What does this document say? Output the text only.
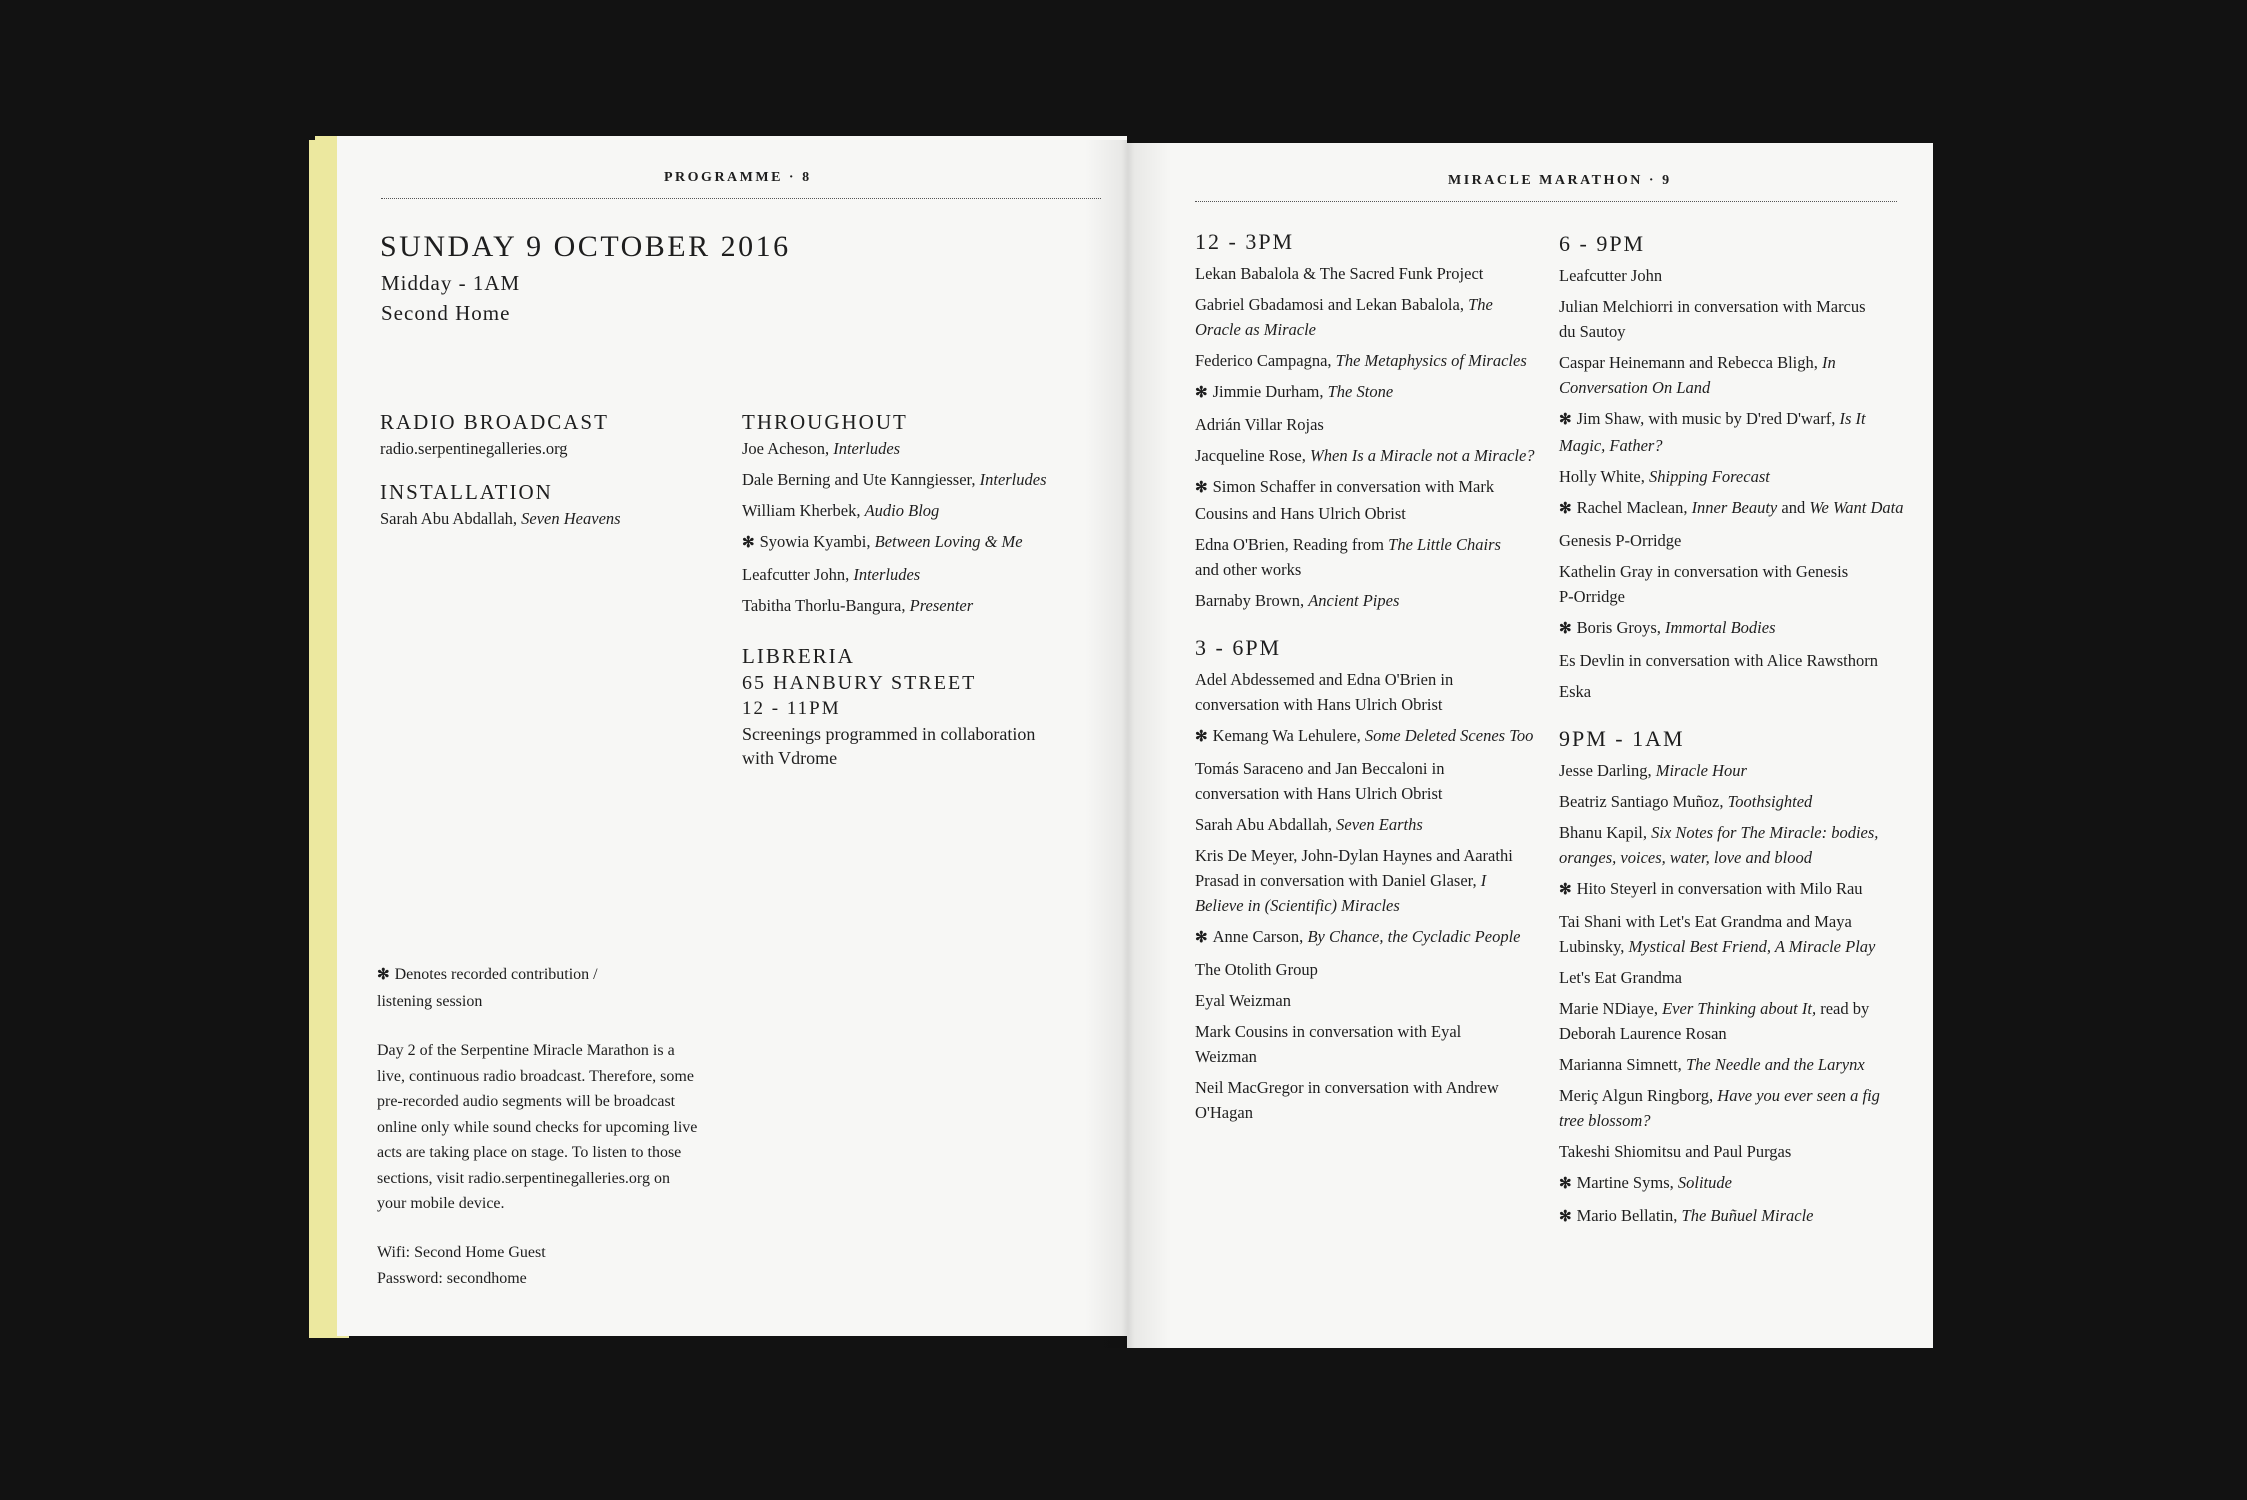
PROGRAMME · 8
SUNDAY 9 OCTOBER 2016
Midday - 1AM
Second Home
RADIO BROADCAST
radio.serpentinegalleries.org
INSTALLATION
Sarah Abu Abdallah, Seven Heavens
THROUGHOUT
Joe Acheson, Interludes
Dale Berning and Ute Kanngiesser, Interludes
William Kherbek, Audio Blog
✻ Syowia Kyambi, Between Loving & Me
Leafcutter John, Interludes
Tabitha Thorlu-Bangura, Presenter
LIBRERIA
65 HANBURY STREET
12 - 11PM
Screenings programmed in collaboration
with Vdrome
✻ Denotes recorded contribution /
listening session
Day 2 of the Serpentine Miracle Marathon is a
live, continuous radio broadcast. Therefore, some
pre-recorded audio segments will be broadcast
online only while sound checks for upcoming live
acts are taking place on stage. To listen to those
sections, visit radio.serpentinegalleries.org on
your mobile device.
Wifi: Second Home Guest
Password: secondhome
MIRACLE MARATHON · 9
12 - 3PM
Lekan Babalola & The Sacred Funk Project
Gabriel Gbadamosi and Lekan Babalola, The
Oracle as Miracle
Federico Campagna, The Metaphysics of Miracles
✻ Jimmie Durham, The Stone
Adrián Villar Rojas
Jacqueline Rose, When Is a Miracle not a Miracle?
✻ Simon Schaffer in conversation with Mark
Cousins and Hans Ulrich Obrist
Edna O'Brien, Reading from The Little Chairs
and other works
Barnaby Brown, Ancient Pipes
3 - 6PM
Adel Abdessemed and Edna O'Brien in
conversation with Hans Ulrich Obrist
✻ Kemang Wa Lehulere, Some Deleted Scenes Too
Tomás Saraceno and Jan Beccaloni in
conversation with Hans Ulrich Obrist
Sarah Abu Abdallah, Seven Earths
Kris De Meyer, John-Dylan Haynes and Aarathi
Prasad in conversation with Daniel Glaser, I
Believe in (Scientific) Miracles
✻ Anne Carson, By Chance, the Cycladic People
The Otolith Group
Eyal Weizman
Mark Cousins in conversation with Eyal
Weizman
Neil MacGregor in conversation with Andrew
O'Hagan
6 - 9PM
Leafcutter John
Julian Melchiorri in conversation with Marcus
du Sautoy
Caspar Heinemann and Rebecca Bligh, In
Conversation On Land
✻ Jim Shaw, with music by D'red D'warf, Is It
Magic, Father?
Holly White, Shipping Forecast
✻ Rachel Maclean, Inner Beauty and We Want Data
Genesis P-Orridge
Kathelin Gray in conversation with Genesis
P-Orridge
✻ Boris Groys, Immortal Bodies
Es Devlin in conversation with Alice Rawsthorn
Eska
9PM - 1AM
Jesse Darling, Miracle Hour
Beatriz Santiago Muñoz, Toothsighted
Bhanu Kapil, Six Notes for The Miracle: bodies,
oranges, voices, water, love and blood
✻ Hito Steyerl in conversation with Milo Rau
Tai Shani with Let's Eat Grandma and Maya
Lubinsky, Mystical Best Friend, A Miracle Play
Let's Eat Grandma
Marie NDiaye, Ever Thinking about It, read by
Deborah Laurence Rosan
Marianna Simnett, The Needle and the Larynx
Meriç Algun Ringborg, Have you ever seen a fig
tree blossom?
Takeshi Shiomitsu and Paul Purgas
✻ Martine Syms, Solitude
✻ Mario Bellatin, The Buñuel Miracle
